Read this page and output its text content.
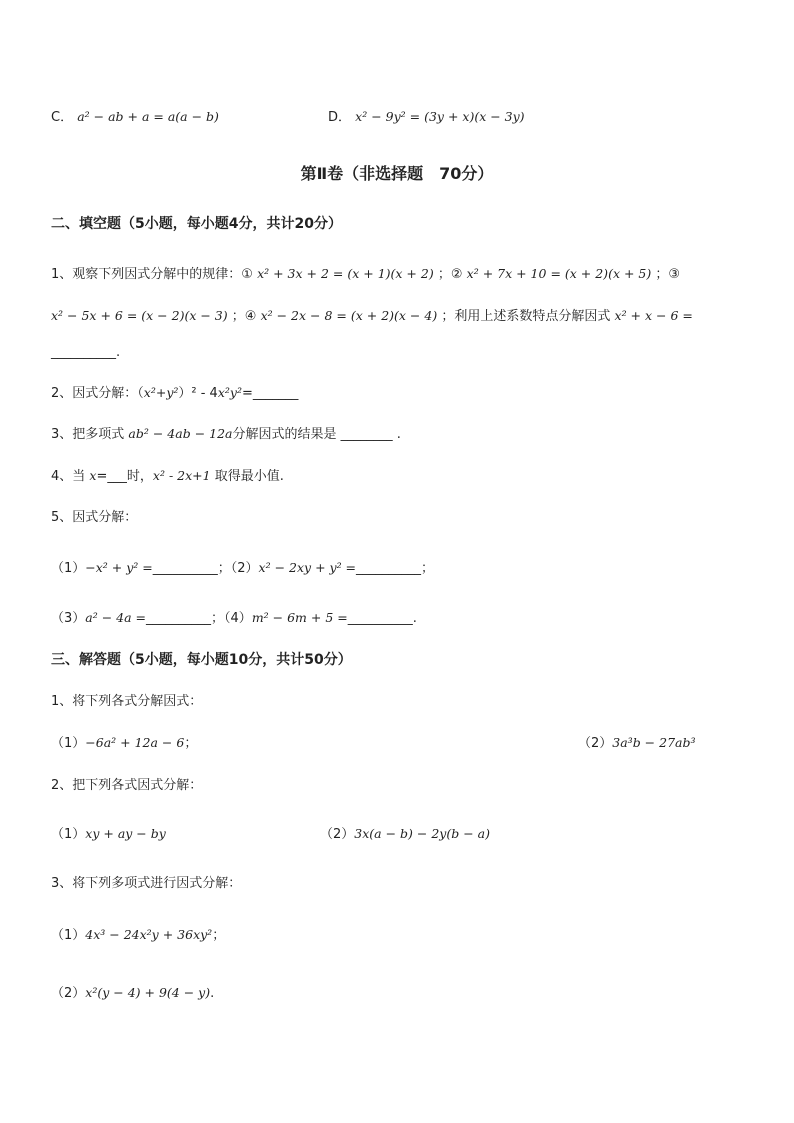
C． a² − ab + a = a(a − b)	D． x² − 9y² = (3y + x)(x − 3y)
第Ⅱ卷（非选择题　70分）
二、填空题（5小题，每小题4分，共计20分）
1、观察下列因式分解中的规律：① x² + 3x + 2 = (x + 1)(x + 2) ；② x² + 7x + 10 = (x + 2)(x + 5) ；③
x² − 5x + 6 = (x − 2)(x − 3) ；④ x² − 2x − 8 = (x + 2)(x − 4) ；利用上述系数特点分解因式 x² + x − 6 =
__________.
2、因式分解：（x²+y²）² - 4x²y²=_______
3、把多项式 ab² − 4ab − 12a分解因式的结果是 ________ .
4、当 x=___时，x² - 2x+1 取得最小值.
5、因式分解：
（1）−x² + y² =__________；（2）x² − 2xy + y² =__________；
（3）a² − 4a =__________；（4）m² − 6m + 5 =__________.
三、解答题（5小题，每小题10分，共计50分）
1、将下列各式分解因式：
（1）−6a² + 12a − 6；	（2）3a³b − 27ab³
2、把下列各式因式分解：
（1）xy + ay − by	（2）3x(a − b) − 2y(b − a)
3、将下列多项式进行因式分解：
（1）4x³ − 24x²y + 36xy²；
（2）x²(y − 4) + 9(4 − y).
